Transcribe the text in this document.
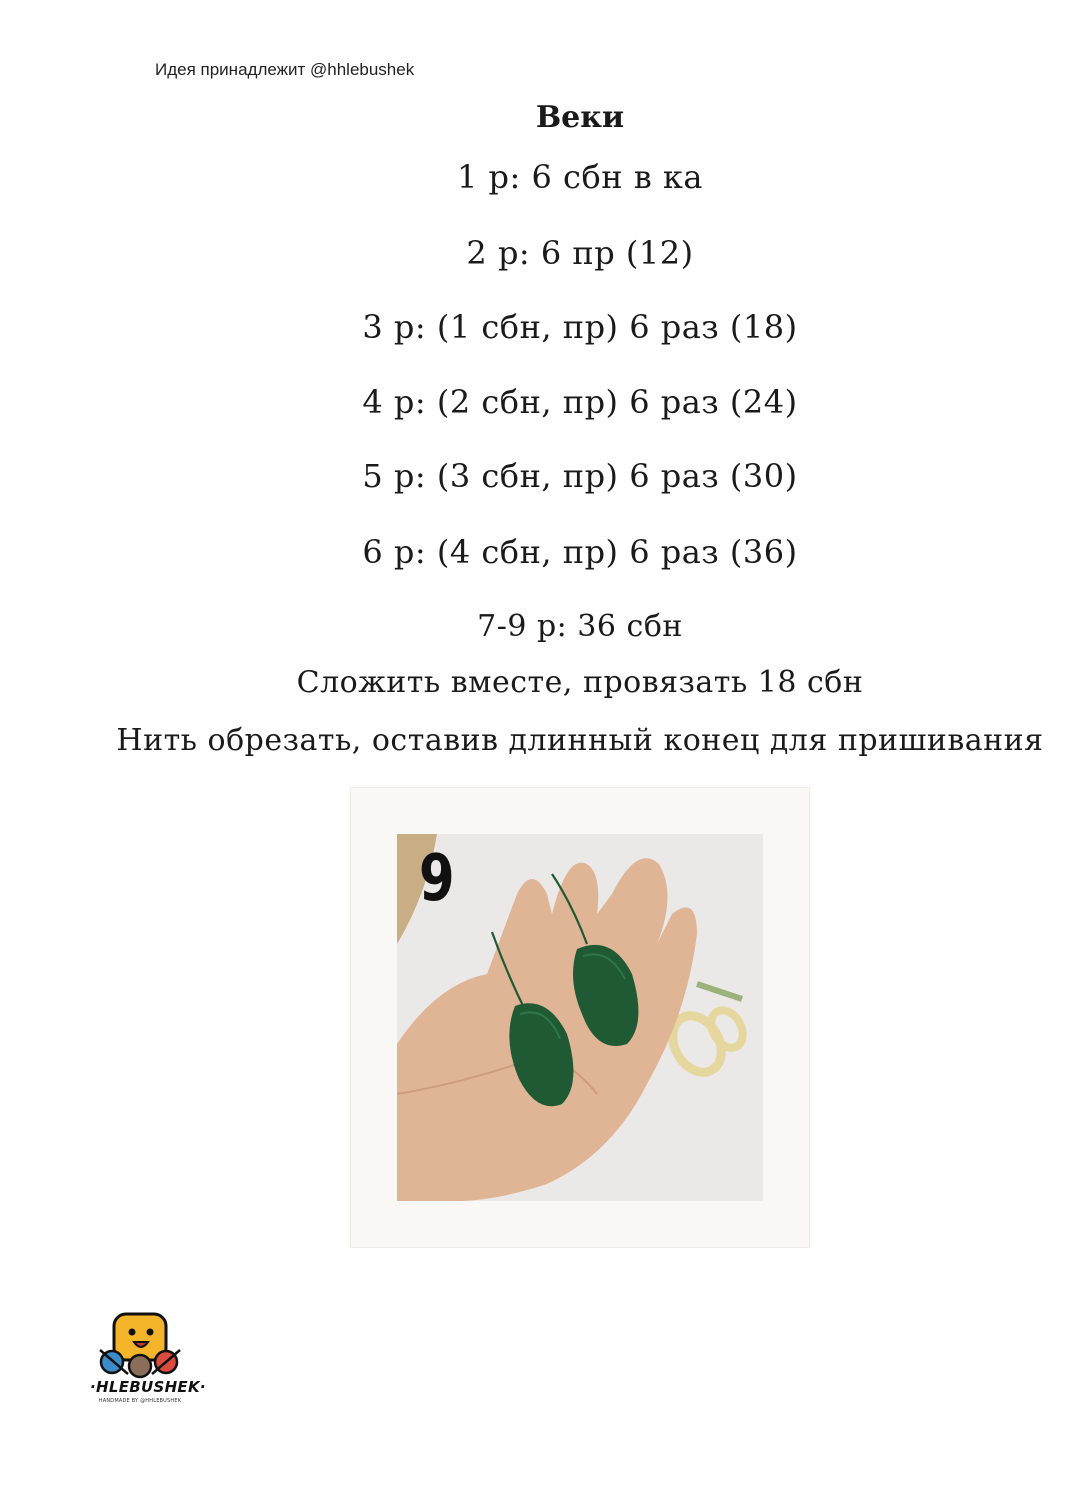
Идея принадлежит @hhlebushek
Веки
1 р: 6 сбн в ка
2 р: 6 пр (12)
3 р: (1 сбн, пр) 6 раз (18)
4 р: (2 сбн, пр) 6 раз (24)
5 р: (3 сбн, пр) 6 раз (30)
6 р: (4 сбн, пр) 6 раз (36)
7-9 р: 36 сбн
Сложить вместе, провязать 18 сбн
Нить обрезать, оставив длинный конец для пришивания
9
·HLEBUSHEK·
HANDMADE BY @HHLEBUSHEK
